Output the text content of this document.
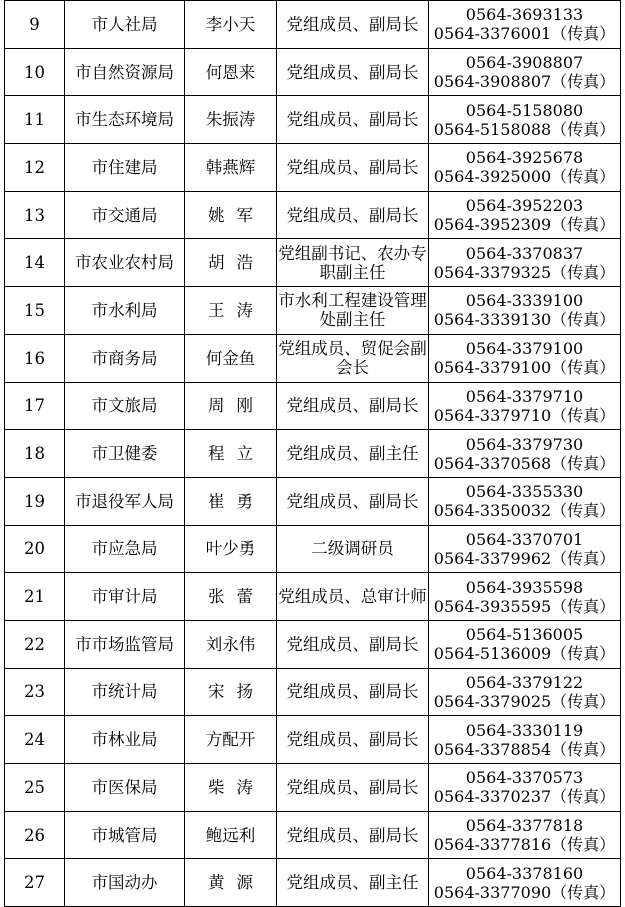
9	市人社局	李小天	党组成员、副局长	0564-3693133
0564-3376001（传真）

10	市自然资源局	何恩来	党组成员、副局长	0564-3908807
0564-3908807（传真）

11	市生态环境局	朱振涛	党组成员、副局长	0564-5158080
0564-5158088（传真）

12	市住建局	韩燕辉	党组成员、副局长	0564-3925678
0564-3925000（传真）

13	市交通局	姚军	党组成员、副局长	0564-3952203
0564-3952309（传真）

14	市农业农村局	胡浩	党组副书记、农办专职副主任	0564-3370837
0564-3379325（传真）

15	市水利局	王涛	市水利工程建设管理处副主任	0564-3339100
0564-3339130（传真）

16	市商务局	何金鱼	党组成员、贸促会副会长	0564-3379100
0564-3379100（传真）

17	市文旅局	周刚	党组成员、副局长	0564-3379710
0564-3379710（传真）

18	市卫健委	程立	党组成员、副主任	0564-3379730
0564-3370568（传真）

19	市退役军人局	崔勇	党组成员、副局长	0564-3355330
0564-3350032（传真）

20	市应急局	叶少勇	二级调研员	0564-3370701
0564-3379962（传真）

21	市审计局	张蕾	党组成员、总审计师	0564-3935598
0564-3935595（传真）

22	市市场监管局	刘永伟	党组成员、副局长	0564-5136005
0564-5136009（传真）

23	市统计局	宋扬	党组成员、副局长	0564-3379122
0564-3379025（传真）

24	市林业局	方配开	党组成员、副局长	0564-3330119
0564-3378854（传真）

25	市医保局	柴涛	党组成员、副局长	0564-3370573
0564-3370237（传真）

26	市城管局	鲍远利	党组成员、副局长	0564-3377818
0564-3377816（传真）

27	市国动办	黄源	党组成员、副主任	0564-3378160
0564-3377090（传真）
